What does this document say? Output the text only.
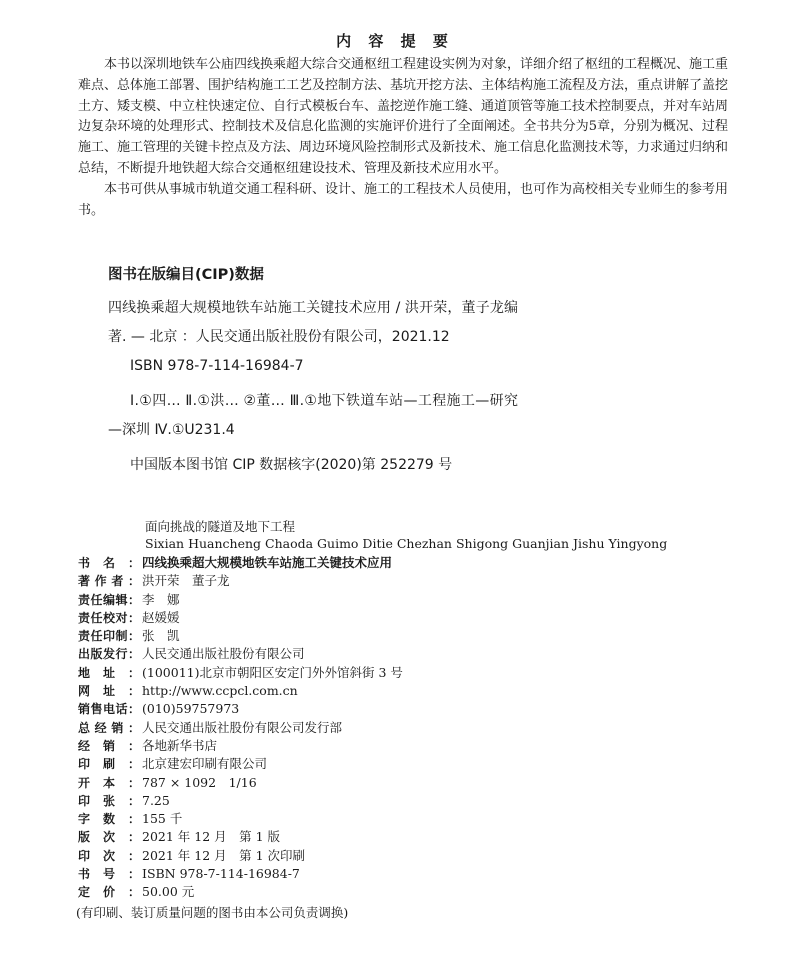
内 容 提 要

本书以深圳地铁车公庙四线换乘超大综合交通枢纽工程建设实例为对象，详细介绍了枢纽的工程概况、施工重难点、总体施工部署、围护结构施工工艺及控制方法、基坑开挖方法、主体结构施工流程及方法，重点讲解了盖挖土方、矮支模、中立柱快速定位、自行式模板台车、盖挖逆作施工缝、通道顶管等施工技术控制要点，并对车站周边复杂环境的处理形式、控制技术及信息化监测的实施评价进行了全面阐述。全书共分为5章，分别为概况、过程施工、施工管理的关键卡控点及方法、周边环境风险控制形式及新技术、施工信息化监测技术等，力求通过归纳和总结，不断提升地铁超大综合交通枢纽建设技术、管理及新技术应用水平。

本书可供从事城市轨道交通工程科研、设计、施工的工程技术人员使用，也可作为高校相关专业师生的参考用书。

图书在版编目(CIP)数据

四线换乘超大规模地铁车站施工关键技术应用 / 洪开荣，董子龙编著. — 北京 ：人民交通出版社股份有限公司，2021.12

ISBN 978-7-114-16984-7

Ⅰ.①四… Ⅱ.①洪… ②董… Ⅲ.①地下铁道车站—工程施工—研究—深圳 Ⅳ.①U231.4

中国版本图书馆 CIP 数据核字(2020)第 252279 号

面向挑战的隧道及地下工程
Sixian Huancheng Chaoda Guimo Ditie Chezhan Shigong Guanjian Jishu Yingyong
书 名 ： 四线换乘超大规模地铁车站施工关键技术应用
著 作 者 ： 洪开荣　董子龙
责 任 编 辑 ： 李　娜
责 任 校 对 ： 赵媛媛
责 任 印 制 ： 张　凯
出 版 发 行 ： 人民交通出版社股份有限公司
地 址 ： (100011)北京市朝阳区安定门外外馆斜街 3 号
网 址 ： http://www.ccpcl.com.cn
销 售 电 话 ： (010)59757973
总 经 销 ： 人民交通出版社股份有限公司发行部
经 销 ： 各地新华书店
印 刷 ： 北京建宏印刷有限公司
开 本 ： 787 × 1092　1/16
印 张 ： 7.25
字 数 ： 155 千
版 次 ： 2021 年 12 月　第 1 版
印 次 ： 2021 年 12 月　第 1 次印刷
书 号 ： ISBN 978-7-114-16984-7
定 价 ： 50.00 元
(有印刷、装订质量问题的图书由本公司负责调换)
